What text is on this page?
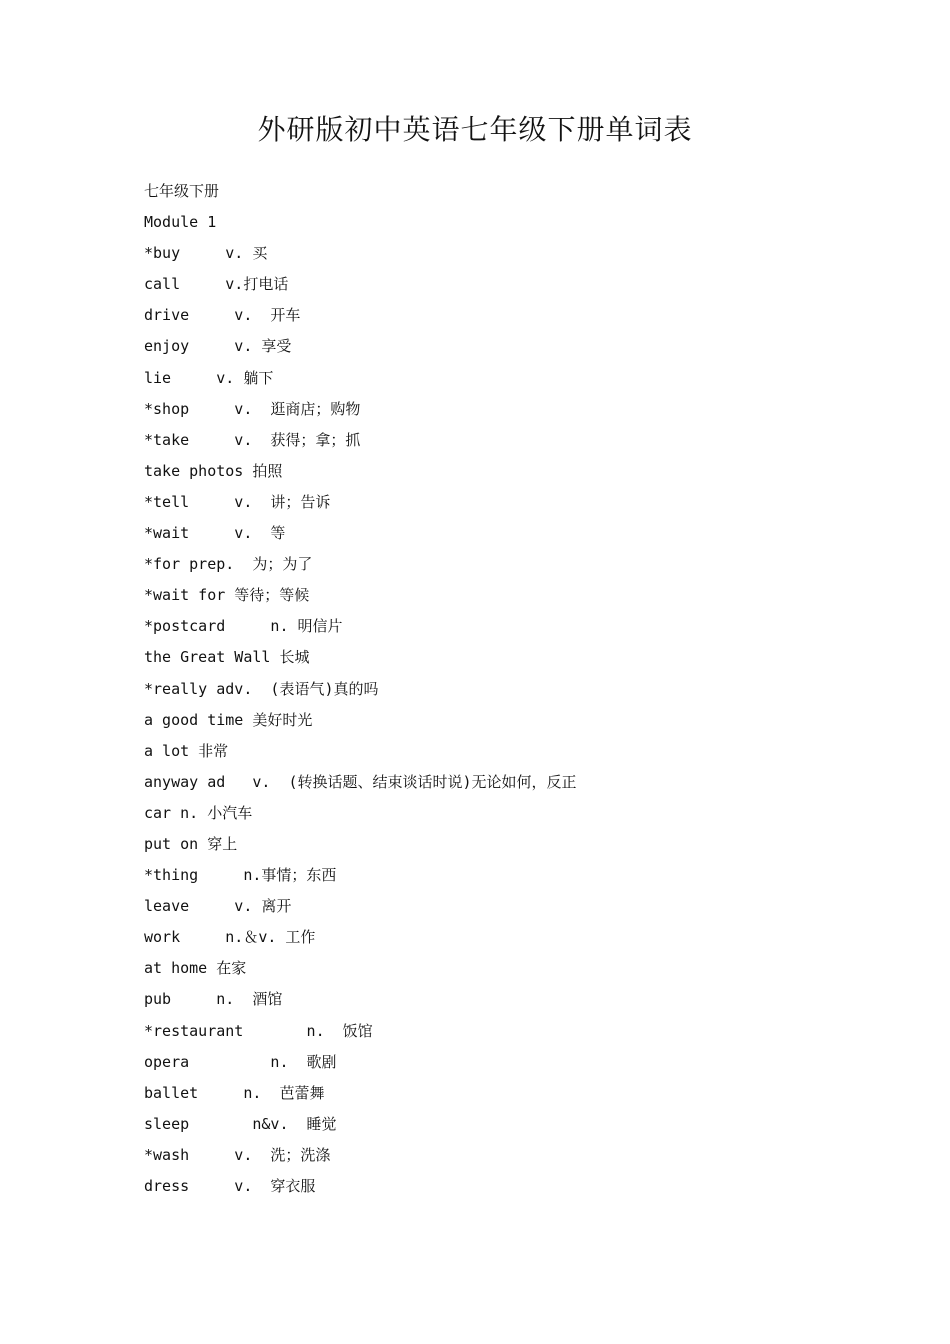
外研版初中英语七年级下册单词表
七年级下册
Module 1
*buy     v. 买
call     v.打电话
drive     v.  开车
enjoy     v. 享受
lie     v. 躺下
*shop     v.  逛商店；购物
*take     v.  获得；拿；抓
take photos 拍照
*tell     v.  讲；告诉
*wait     v.  等
*for prep.  为；为了
*wait for 等待；等候
*postcard     n. 明信片
the Great Wall 长城
*really adv.  (表语气)真的吗
a good time 美好时光
a lot 非常
anyway ad   v.  (转换话题、结束谈话时说)无论如何，反正
car n. 小汽车
put on 穿上
*thing     n.事情；东西
leave     v. 离开
work     n.＆v. 工作
at home 在家
pub     n.  酒馆
*restaurant       n.  饭馆
opera         n.  歌剧
ballet     n.  芭蕾舞
sleep       n&v.  睡觉
*wash     v.  洗；洗涤
dress     v.  穿衣服
